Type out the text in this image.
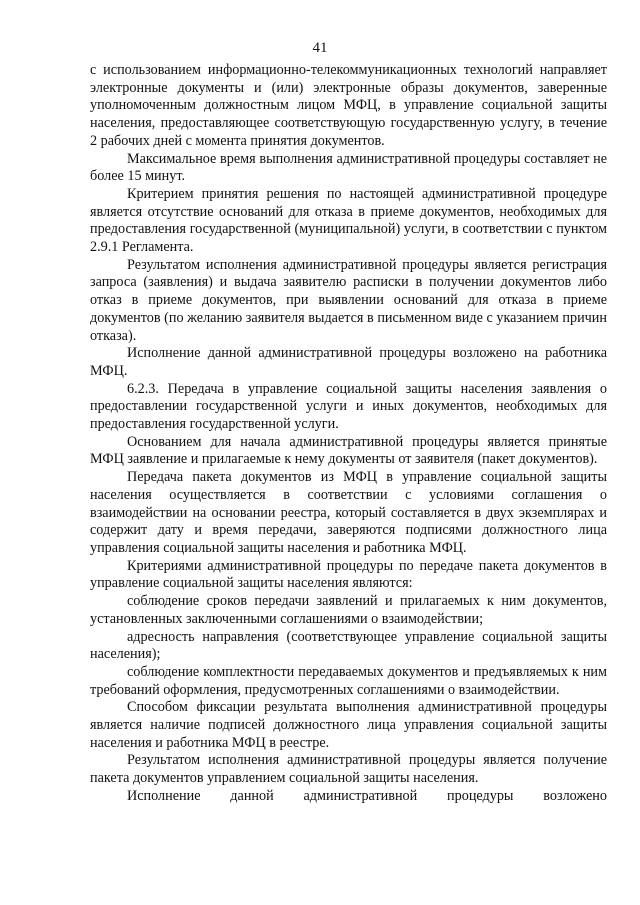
41

с использованием информационно-телекоммуникационных технологий направляет электронные документы и (или) электронные образы документов, заверенные уполномоченным должностным лицом МФЦ, в управление социальной защиты населения, предоставляющее соответствующую государственную услугу, в течение 2 рабочих дней с момента принятия документов.

Максимальное время выполнения административной процедуры составляет не более 15 минут.

Критерием принятия решения по настоящей административной процедуре является отсутствие оснований для отказа в приеме документов, необходимых для предоставления государственной (муниципальной) услуги, в соответствии с пунктом 2.9.1 Регламента.

Результатом исполнения административной процедуры является регистрация запроса (заявления) и выдача заявителю расписки в получении документов либо отказ в приеме документов, при выявлении оснований для отказа в приеме документов (по желанию заявителя выдается в письменном виде с указанием причин отказа).

Исполнение данной административной процедуры возложено на работника МФЦ.

6.2.3. Передача в управление социальной защиты населения заявления о предоставлении государственной услуги и иных документов, необходимых для предоставления государственной услуги.

Основанием для начала административной процедуры является принятые МФЦ заявление и прилагаемые к нему документы от заявителя (пакет документов).

Передача пакета документов из МФЦ в управление социальной защиты населения осуществляется в соответствии с условиями соглашения о взаимодействии на основании реестра, который составляется в двух экземплярах и содержит дату и время передачи, заверяются подписями должностного лица управления социальной защиты населения и работника МФЦ.

Критериями административной процедуры по передаче пакета документов в управление социальной защиты населения являются:

соблюдение сроков передачи заявлений и прилагаемых к ним документов, установленных заключенными соглашениями о взаимодействии;

адресность направления (соответствующее управление социальной защиты населения);

соблюдение комплектности передаваемых документов и предъявляемых к ним требований оформления, предусмотренных соглашениями о взаимодействии.

Способом фиксации результата выполнения административной процедуры является наличие подписей должностного лица управления социальной защиты населения и работника МФЦ в реестре.

Результатом исполнения административной процедуры является получение пакета документов управлением социальной защиты населения.

Исполнение данной административной процедуры возложено
